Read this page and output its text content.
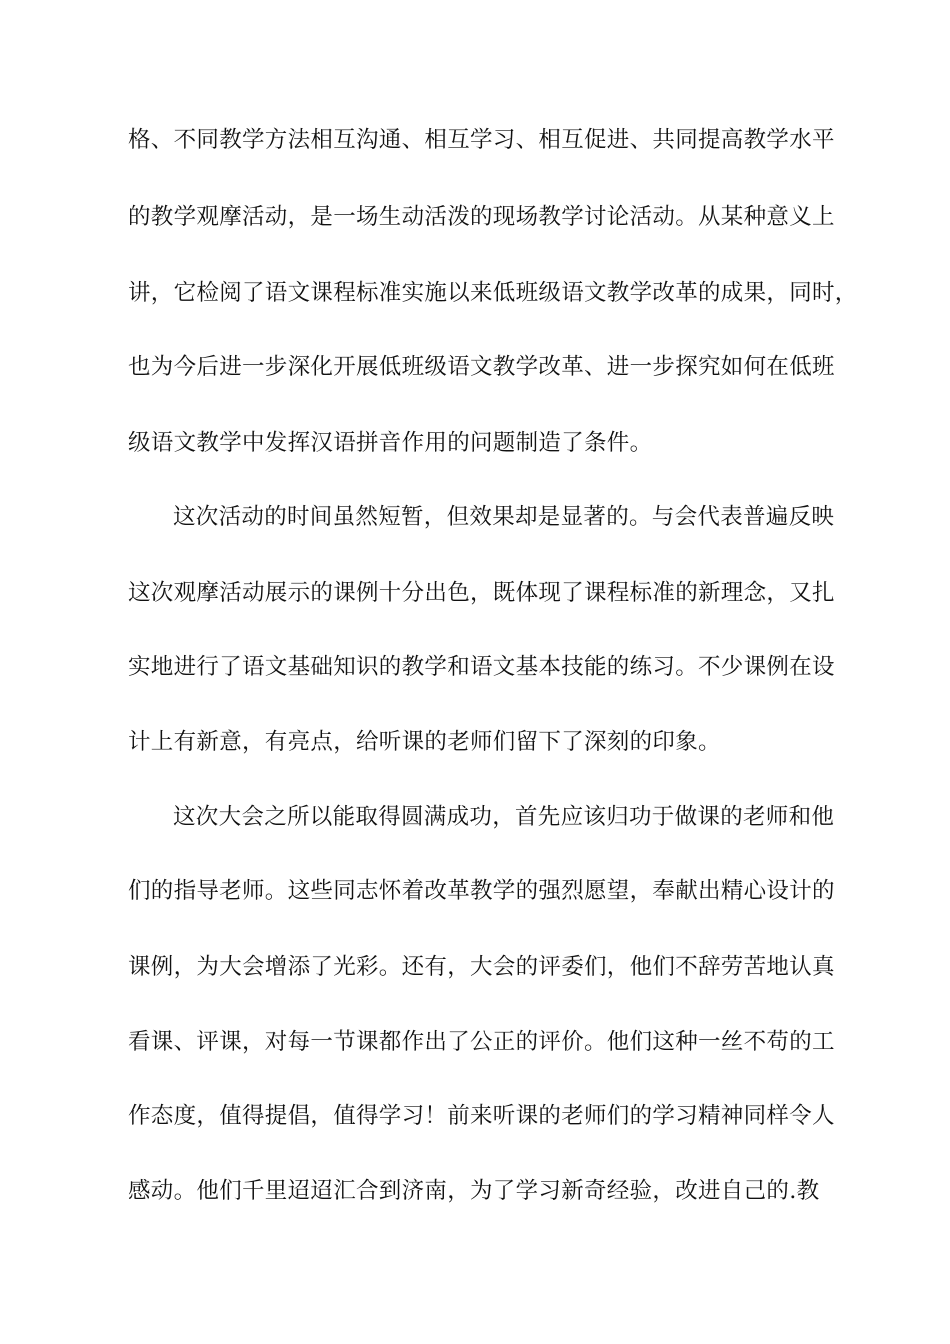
格、不同教学方法相互沟通、相互学习、相互促进、共同提高教学水平
的教学观摩活动，是一场生动活泼的现场教学讨论活动。从某种意义上
讲，它检阅了语文课程标准实施以来低班级语文教学改革的成果，同时，
也为今后进一步深化开展低班级语文教学改革、进一步探究如何在低班
级语文教学中发挥汉语拼音作用的问题制造了条件。
这次活动的时间虽然短暂，但效果却是显著的。与会代表普遍反映
这次观摩活动展示的课例十分出色，既体现了课程标准的新理念，又扎
实地进行了语文基础知识的教学和语文基本技能的练习。不少课例在设
计上有新意，有亮点，给听课的老师们留下了深刻的印象。
这次大会之所以能取得圆满成功，首先应该归功于做课的老师和他
们的指导老师。这些同志怀着改革教学的强烈愿望，奉献出精心设计的
课例，为大会增添了光彩。还有，大会的评委们，他们不辞劳苦地认真
看课、评课，对每一节课都作出了公正的评价。他们这种一丝不苟的工
作态度，值得提倡，值得学习！前来听课的老师们的学习精神同样令人
感动。他们千里迢迢汇合到济南，为了学习新奇经验，改进自己的.教
